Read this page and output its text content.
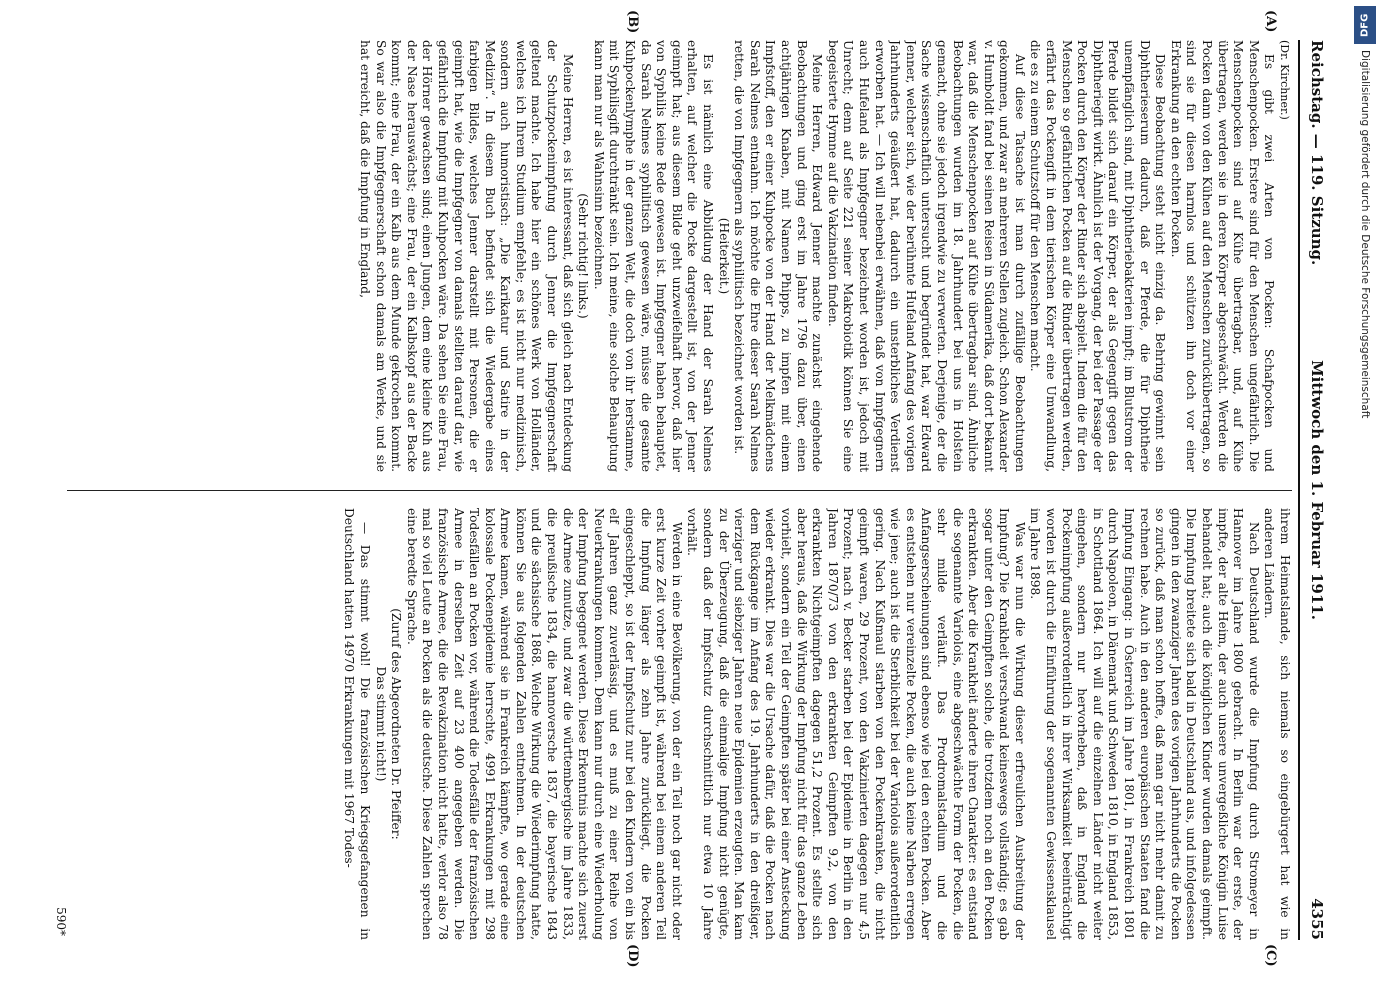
DFG
Digitalisierung gefördert durch die Deutsche Forschungsgemeinschaft
Reichstag. — 119. Sitzung.
Mittwoch den 1. Februar 1911.
4355

(Dr. Kirchner.)

Es gibt zwei Arten von Pocken: Schafpocken und Menschenpocken. Erstere sind für den Menschen ungefährlich. Die Menschenpocken sind auf Kühe übertragbar, und, auf Kühe übertragen, werden sie in deren Körper abgeschwächt. Werden die Pocken dann von den Kühen auf den Menschen zurückübertragen, so sind sie für diesen harmlos und schützen ihn doch vor einer Erkrankung an den echten Pocken.

Diese Beobachtung steht nicht einzig da. Behring gewinnt sein Diphtherieserum dadurch, daß er Pferde, die für Diphtherie unempfänglich sind, mit Diphtheriebakterien impft; im Blutstrom der Pferde bildet sich darauf ein Körper, der als Gegengift gegen das Diphtheriegift wirkt. Ähnlich ist der Vorgang, der bei der Passage der Pocken durch den Körper der Rinder sich abspielt. Indem die für den Menschen so gefährlichen Pocken auf die Rinder übertragen werden, erfährt das Pockengift in dem tierischen Körper eine Umwandlung, die es zu einem Schutzstoff für den Menschen macht.

Auf diese Tatsache ist man durch zufällige Beobachtungen gekommen, und zwar an mehreren Stellen zugleich. Schon Alexander v. Humboldt fand bei seinen Reisen in Südamerika, daß dort bekannt war, daß die Menschenpocken auf Kühe übertragbar sind. Ähnliche Beobachtungen wurden im 18. Jahrhundert bei uns in Holstein gemacht, ohne sie jedoch irgendwie zu verwerten. Derjenige, der die Sache wissenschaftlich untersucht und begründet hat, war Edward Jenner, welcher sich, wie der berühmte Hufeland Anfang des vorigen Jahrhunderts geäußert hat, dadurch ein unsterbliches Verdienst erworben hat. — Ich will nebenbei erwähnen, daß von Impfgegnern auch Hufeland als Impfgegner bezeichnet worden ist, jedoch mit Unrecht; denn auf Seite 221 seiner Makrobiotik können Sie eine begeisterte Hymne auf die Vakzination finden.

Meine Herren, Edward Jenner machte zunächst eingehende Beobachtungen und ging erst im Jahre 1796 dazu über, einen achtjährigen Knaben, mit Namen Phipps, zu impfen mit einem Impfstoff, den er einer Kuhpocke von der Hand der Melkmädchens Sarah Nelmes entnahm. Ich möchte die Ehre dieser Sarah Nelmes retten, die von Impfgegnern als syphilitisch bezeichnet worden ist.

(Heiterkeit.)

Es ist nämlich eine Abbildung der Hand der Sarah Nelmes erhalten, auf welcher die Pocke dargestellt ist, von der Jenner geimpft hat; aus diesem Bilde geht unzweifelhaft hervor, daß hier von Syphilis keine Rede gewesen ist. Impfgegner haben behauptet, da Sarah Nelmes syphilitisch gewesen wäre, müsse die gesamte Kuhpockenlymphe in der ganzen Welt, die doch von ihr herstamme, mit Syphilisgift durchtränkt sein. Ich meine, eine solche Behauptung kann man nur als Wahnsinn bezeichnen.

(Sehr richtig! links.)

Meine Herren, es ist interessant, daß sich gleich nach Entdeckung der Schutzpockenimpfung durch Jenner die Impfgegnerschaft geltend machte. Ich habe hier ein schönes Werk von Holländer, welches ich Ihrem Studium empfehle; es ist nicht nur medizinisch, sondern auch humoristisch: „Die Karikatur und Satire in der Medizin“. In diesem Buch befindet sich die Wiedergabe eines farbigen Bildes, welches Jenner darstellt mit Personen, die er geimpft hat, wie die Impfgegner von damals stellten darauf dar, wie gefährlich die Impfung mit Kuhpocken wäre. Da sehen Sie eine Frau, der Hörner gewachsen sind; einen Jungen, dem eine kleine Kuh aus der Nase herauswächst; eine Frau, der ein Kalbskopf aus der Backe kommt; eine Frau, der ein Kalb aus dem Munde gekrochen kommt. So war also die Impfgegnerschaft schon damals am Werke, und sie hat erreicht, daß die Impfung in England,

ihrem Heimatslande, sich niemals so eingebürgert hat wie in anderen Ländern.

Nach Deutschland wurde die Impfung durch Stromeyer in Hannover im Jahre 1800 gebracht. In Berlin war der erste, der impfte, der alte Heim, der auch unsere unvergeßliche Königin Luise behandelt hat; auch die königlichen Kinder wurden damals geimpft. Die Impfung breitete sich bald in Deutschland aus, und infolgedessen gingen in den zwanziger Jahren des vorigen Jahrhunderts die Pocken so zurück, daß man schon hoffte, daß man gar nicht mehr damit zu rechnen habe. Auch in den anderen europäischen Staaten fand die Impfung Eingang: in Österreich im Jahre 1801, in Frankreich 1801 durch Napoleon, in Dänemark und Schweden 1810, in England 1853, in Schottland 1864. Ich will auf die einzelnen Länder nicht weiter eingehen, sondern nur hervorheben, daß in England die Pockenimpfung außerordentlich in ihrer Wirksamkeit beeinträchtigt worden ist durch die Einführung der sogenannten Gewissensklausel im Jahre 1898.

Was war nun die Wirkung dieser erfreulichen Ausbreitung der Impfung? Die Krankheit verschwand keineswegs vollständig; es gab sogar unter den Geimpften solche, die trotzdem noch an den Pocken erkrankten. Aber die Krankheit änderte ihren Charakter: es entstand die sogenannte Variolois, eine abgeschwächte Form der Pocken, die sehr milde verläuft. Das Prodromalstadium und die Anfangserscheinungen sind ebenso wie bei den echten Pocken. Aber es entstehen nur vereinzelte Pocken, die auch keine Narben erregen wie jene; auch ist die Sterblichkeit bei der Variolois außerordentlich gering. Nach Kußmaul starben von den Pockenkranken, die nicht geimpft waren, 29 Prozent, von den Vakzinierten dagegen nur 4,5 Prozent; nach v. Becker starben bei der Epidemie in Berlin in den Jahren 1870/73 von den erkrankten Geimpften 9,2, von den erkrankten Nichtgeimpften dagegen 51,2 Prozent. Es stellte sich aber heraus, daß die Wirkung der Impfung nicht für das ganze Leben vorhielt, sondern ein Teil der Geimpften später bei einer Ansteckung wieder erkrankt. Dies war die Ursache dafür, daß die Pocken nach dem Rückgange im Anfang des 19. Jahrhunderts in den dreißiger, vierziger und siebziger Jahren neue Epidemien erzeugten. Man kam zu der Überzeugung, daß die einmalige Impfung nicht genügte, sondern daß der Impfschutz durchschnittlich nur etwa 10 Jahre vorhält.

Werden in eine Bevölkerung, von der ein Teil noch gar nicht oder erst kurze Zeit vorher geimpft ist, während bei einem anderen Teil die Impfung länger als zehn Jahre zurückliegt, die Pocken eingeschleppt, so ist der Impfschutz nur bei den Kindern von ein bis elf Jahren ganz zuverlässig, und es muß zu einer Reihe von Neuerkrankungen kommen. Dem kann nur durch eine Wiederholung der Impfung begegnet werden. Diese Erkenntnis machte sich zuerst die Armee zunutze, und zwar die württembergische im Jahre 1833, die preußische 1834, die hannoversche 1837, die bayerische 1843 und die sächsische 1868. Welche Wirkung die Wiederimpfung hatte, können Sie aus folgenden Zahlen entnehmen. In der deutschen Armee kamen, während sie in Frankreich kämpfte, wo gerade eine kolossale Pockenepidemie herrschte, 4991 Erkrankungen mit 298 Todesfällen an Pocken vor, während die Todesfälle der französischen Armee in derselben Zeit auf 23 400 angegeben werden. Die französische Armee, die die Revakzination nicht hatte, verlor also 78 mal so viel Leute an Pocken als die deutsche. Diese Zahlen sprechen eine beredte Sprache.

(Zuruf des Abgeordneten Dr. Pfeiffer:

Das stimmt nicht!)

— Das stimmt wohl! Die französischen Kriegsgefangenen in Deutschland hatten 14970 Erkrankungen mit 1967 Todes-

(A)
(B)
(C)
(D)
590*
